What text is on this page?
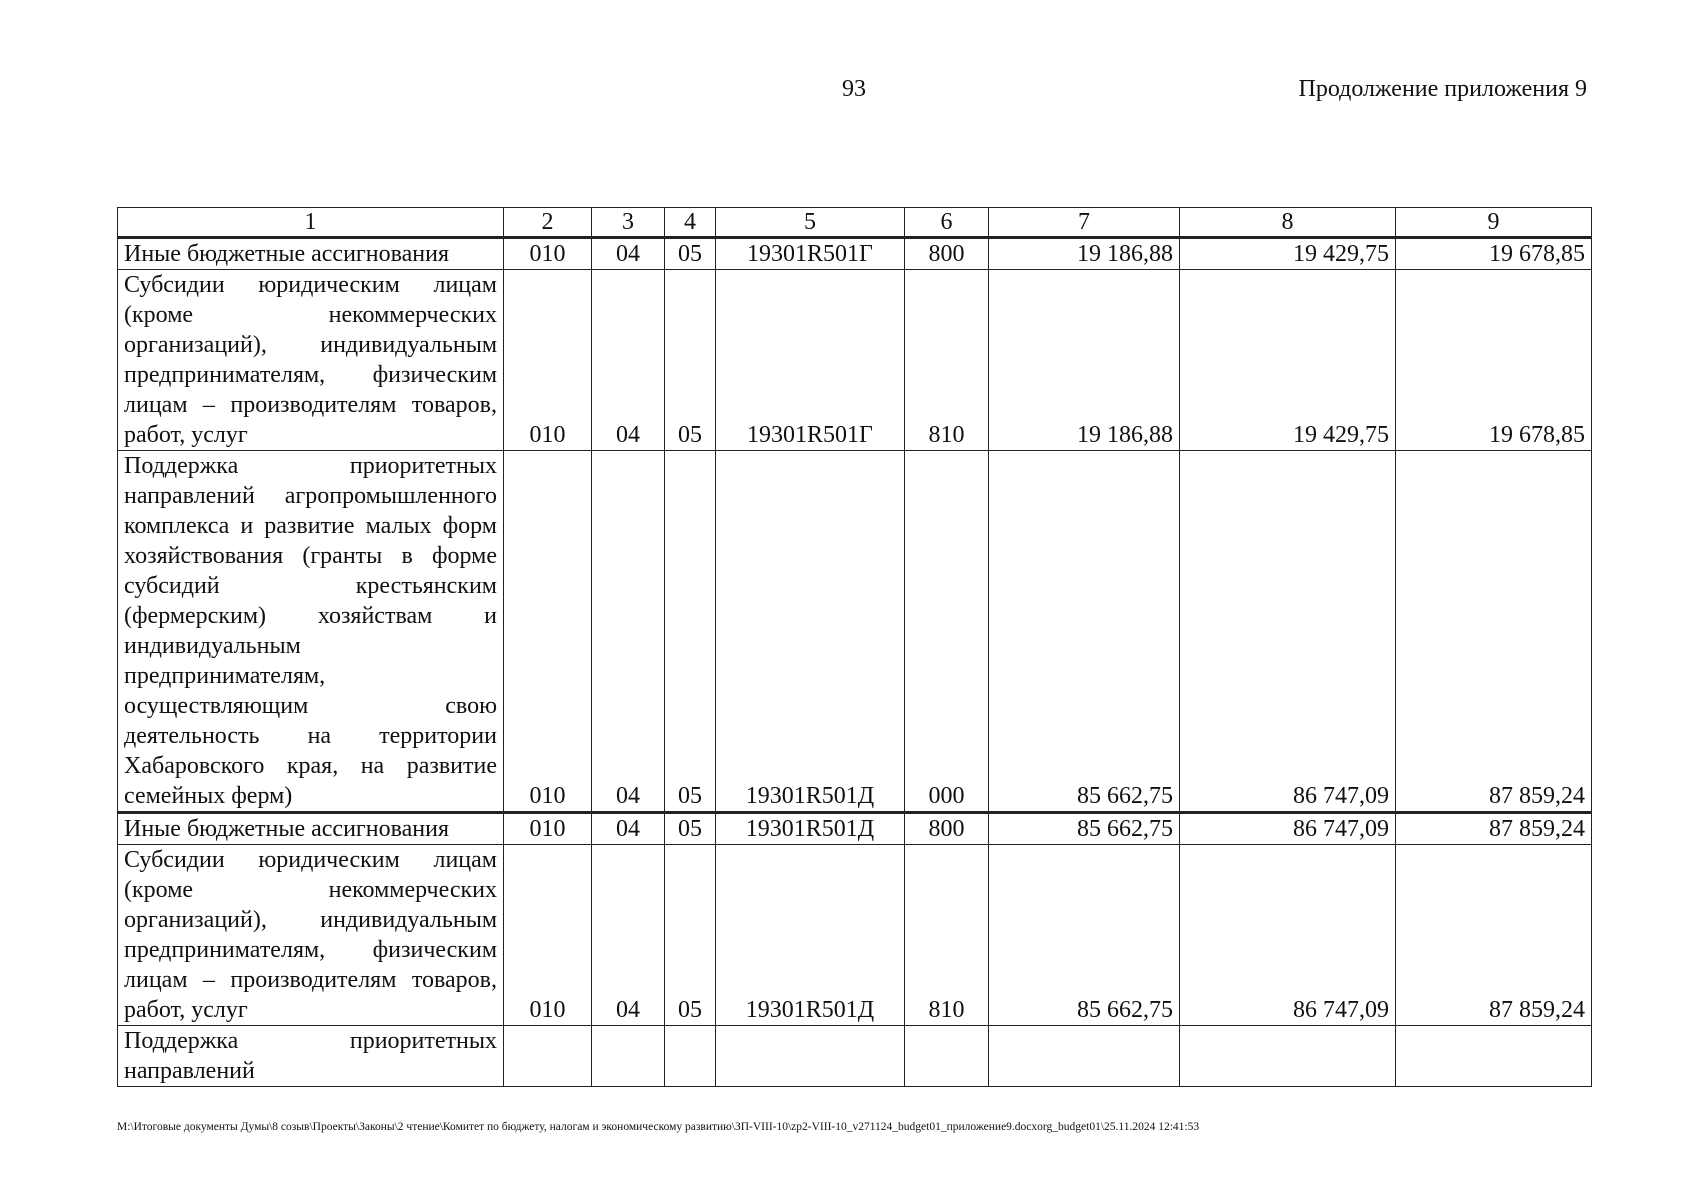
93	Продолжение приложения 9
1	2	3	4	5	6	7	8	9
Иные бюджетные ассигнования	010	04	05	19301R501Г	800	19 186,88	19 429,75	19 678,85
Субсидии юридическим лицам (кроме некоммерческих организаций), индивидуальным предпринимателям, физическим лицам – производителям товаров, работ, услуг	010	04	05	19301R501Г	810	19 186,88	19 429,75	19 678,85
Поддержка приоритетных направлений агропромышленного комплекса и развитие малых форм хозяйствования (гранты в форме субсидий крестьянским (фермерским) хозяйствам и индивидуальным предпринимателям, осуществляющим свою деятельность на территории Хабаровского края, на развитие семейных ферм)	010	04	05	19301R501Д	000	85 662,75	86 747,09	87 859,24
Иные бюджетные ассигнования	010	04	05	19301R501Д	800	85 662,75	86 747,09	87 859,24
Субсидии юридическим лицам (кроме некоммерческих организаций), индивидуальным предпринимателям, физическим лицам – производителям товаров, работ, услуг	010	04	05	19301R501Д	810	85 662,75	86 747,09	87 859,24
Поддержка приоритетных направлений								
M:\Итоговые документы Думы\8 созыв\Проекты\Законы\2 чтение\Комитет по бюджету, налогам и экономическому развитию\ЗП-VIII-10\zp2-VIII-10_v271124_budget01_приложение9.docxorg_budget01\25.11.2024 12:41:53
